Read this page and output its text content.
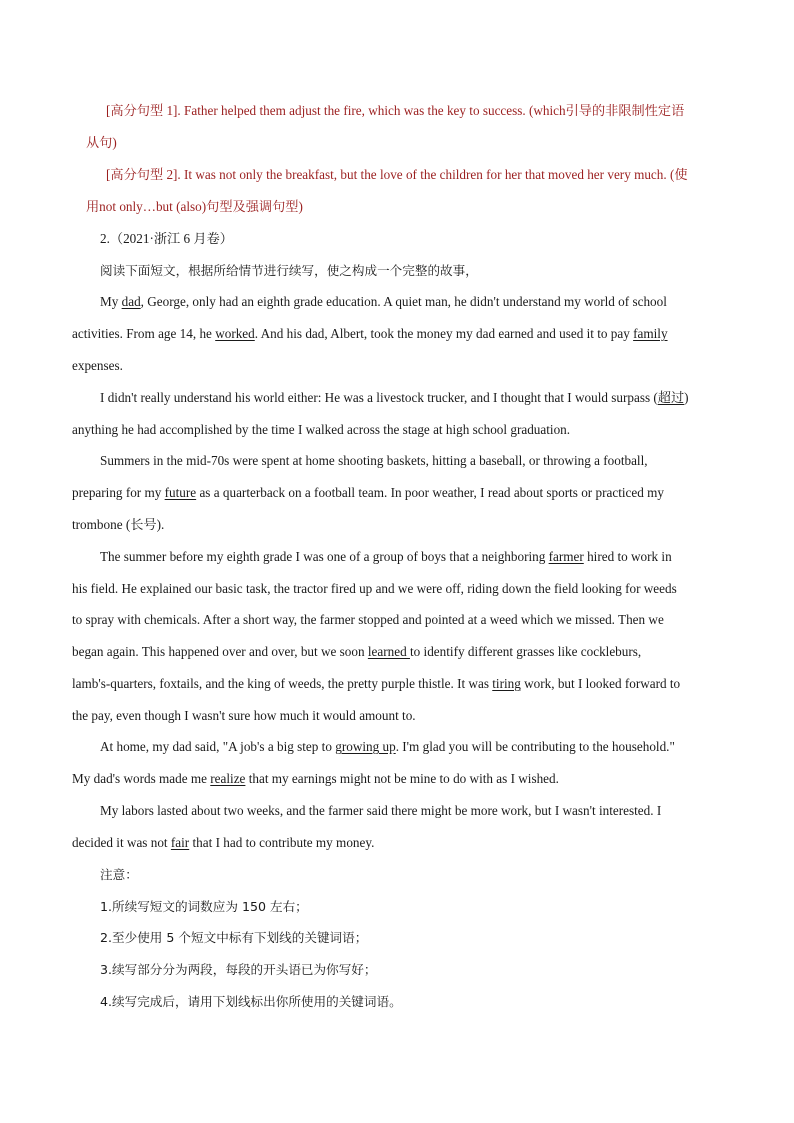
[高分句型 1]. Father helped them adjust the fire, which was the key to success. (which引导的非限制性定语
从句)
[高分句型 2]. It was not only the breakfast, but the love of the children for her that moved her very much. (使
用not only…but (also)句型及强调句型)
2.（2021·浙江 6 月卷）
阅读下面短文，根据所给情节进行续写，使之构成一个完整的故事，
My dad, George, only had an eighth grade education. A quiet man, he didn't understand my world of school
activities. From age 14, he worked. And his dad, Albert, took the money my dad earned and used it to pay family
expenses.
I didn't really understand his world either: He was a livestock trucker, and I thought that I would surpass (超过)
anything he had accomplished by the time I walked across the stage at high school graduation.
Summers in the mid-70s were spent at home shooting baskets, hitting a baseball, or throwing a football,
preparing for my future as a quarterback on a football team. In poor weather, I read about sports or practiced my
trombone (长号).
The summer before my eighth grade I was one of a group of boys that a neighboring farmer hired to work in
his field. He explained our basic task, the tractor fired up and we were off, riding down the field looking for weeds
to spray with chemicals. After a short way, the farmer stopped and pointed at a weed which we missed. Then we
began again. This happened over and over, but we soon learned to identify different grasses like cockleburs,
lamb's-quarters, foxtails, and the king of weeds, the pretty purple thistle. It was tiring work, but I looked forward to
the pay, even though I wasn't sure how much it would amount to.
At home, my dad said, "A job's a big step to growing up. I'm glad you will be contributing to the household."
My dad's words made me realize that my earnings might not be mine to do with as I wished.
My labors lasted about two weeks, and the farmer said there might be more work, but I wasn't interested. I
decided it was not fair that I had to contribute my money.
注意：
1.所续写短文的词数应为 150 左右；
2.至少使用 5 个短文中标有下划线的关键词语；
3.续写部分分为两段，每段的开头语已为你写好；
4.续写完成后，请用下划线标出你所使用的关键词语。
